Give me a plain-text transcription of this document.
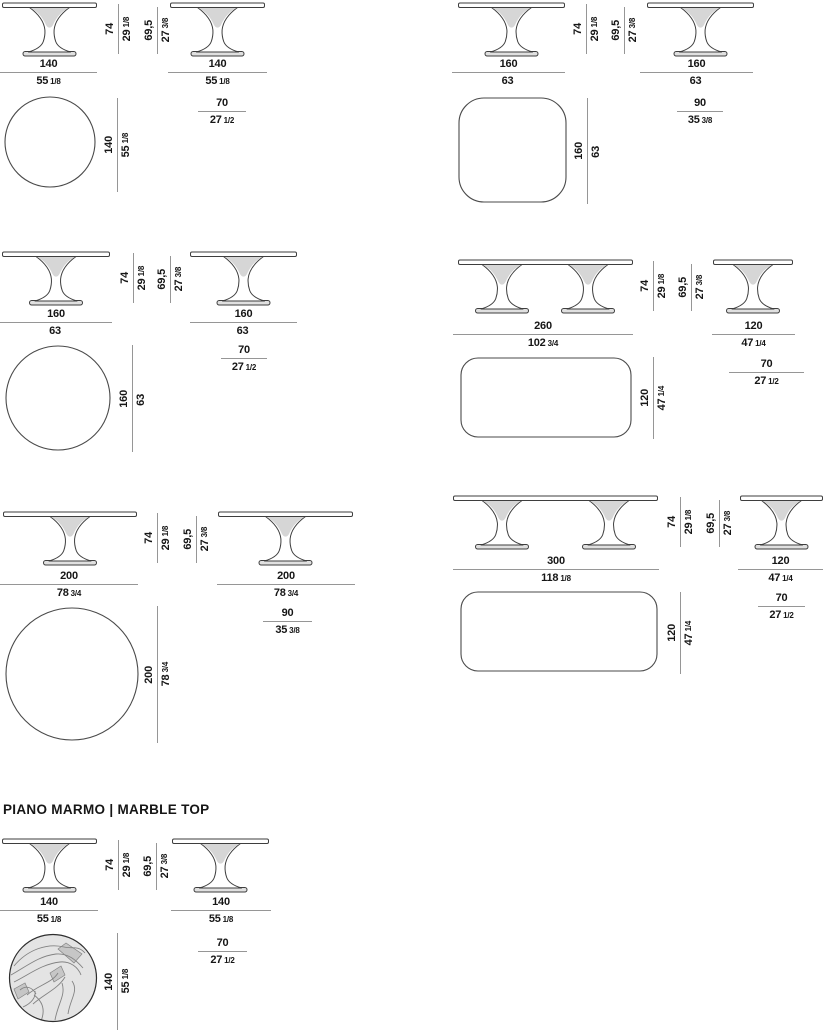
140
55 1/8
74
291/8 69,5 273/8
140
55 1/8
70
27 1/2
140 551/8
160
63
74
291/8 69,5 273/8
160
63
90
35 3/8
160 63
160
63
74
291/8 69,5 273/8
160
63
70
27 1/2
160 63
260
102 3/4
74
291/8 69,5 273/8
120
47 1/4
70
27 1/2
120 471/4
200
78 3/4
74
291/8 69,5 273/8
200
78 3/4
90
35 3/8
200 783/4
300
118 1/8
74
291/8 69,5 273/8
120
47 1/4
70
27 1/2
120 471/4
PIANO MARMO | MARBLE TOP
140
55 1/8
74
291/8 69,5 273/8
140
55 1/8
70
27 1/2
140 551/8
